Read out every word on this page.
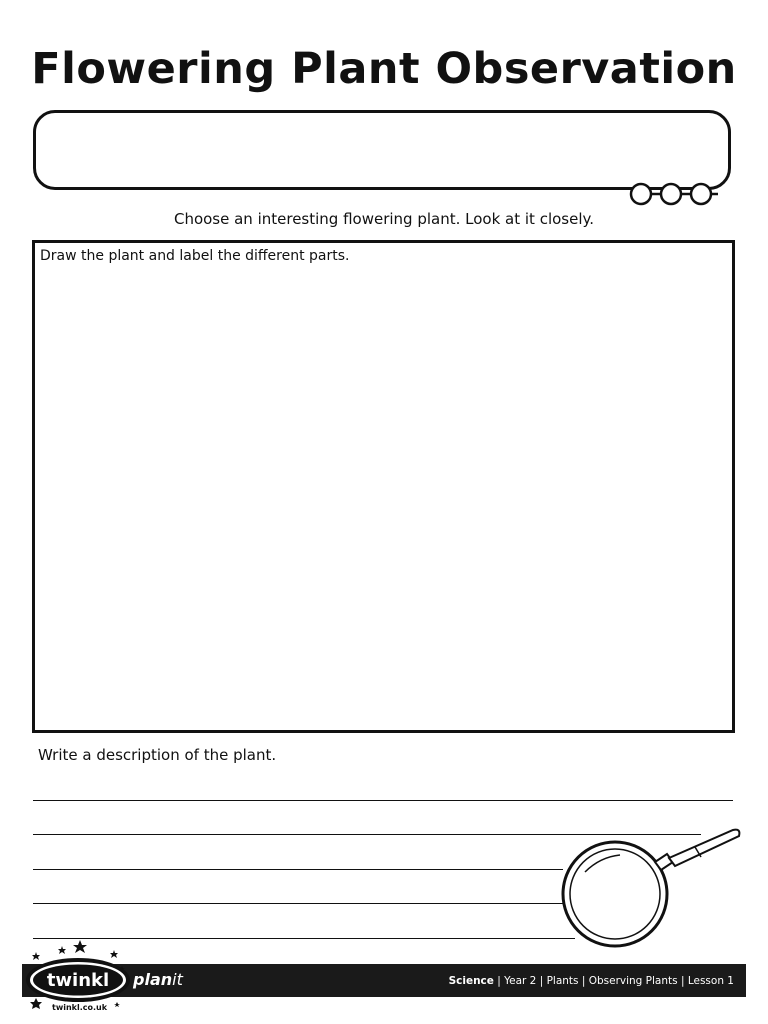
Flowering Plant Observation
Choose an interesting flowering plant. Look at it closely.
Draw the plant and label the different parts.
Write a description of the plant.
twinkl
twinkl.co.uk
planit	Science | Year 2 | Plants | Observing Plants | Lesson 1
